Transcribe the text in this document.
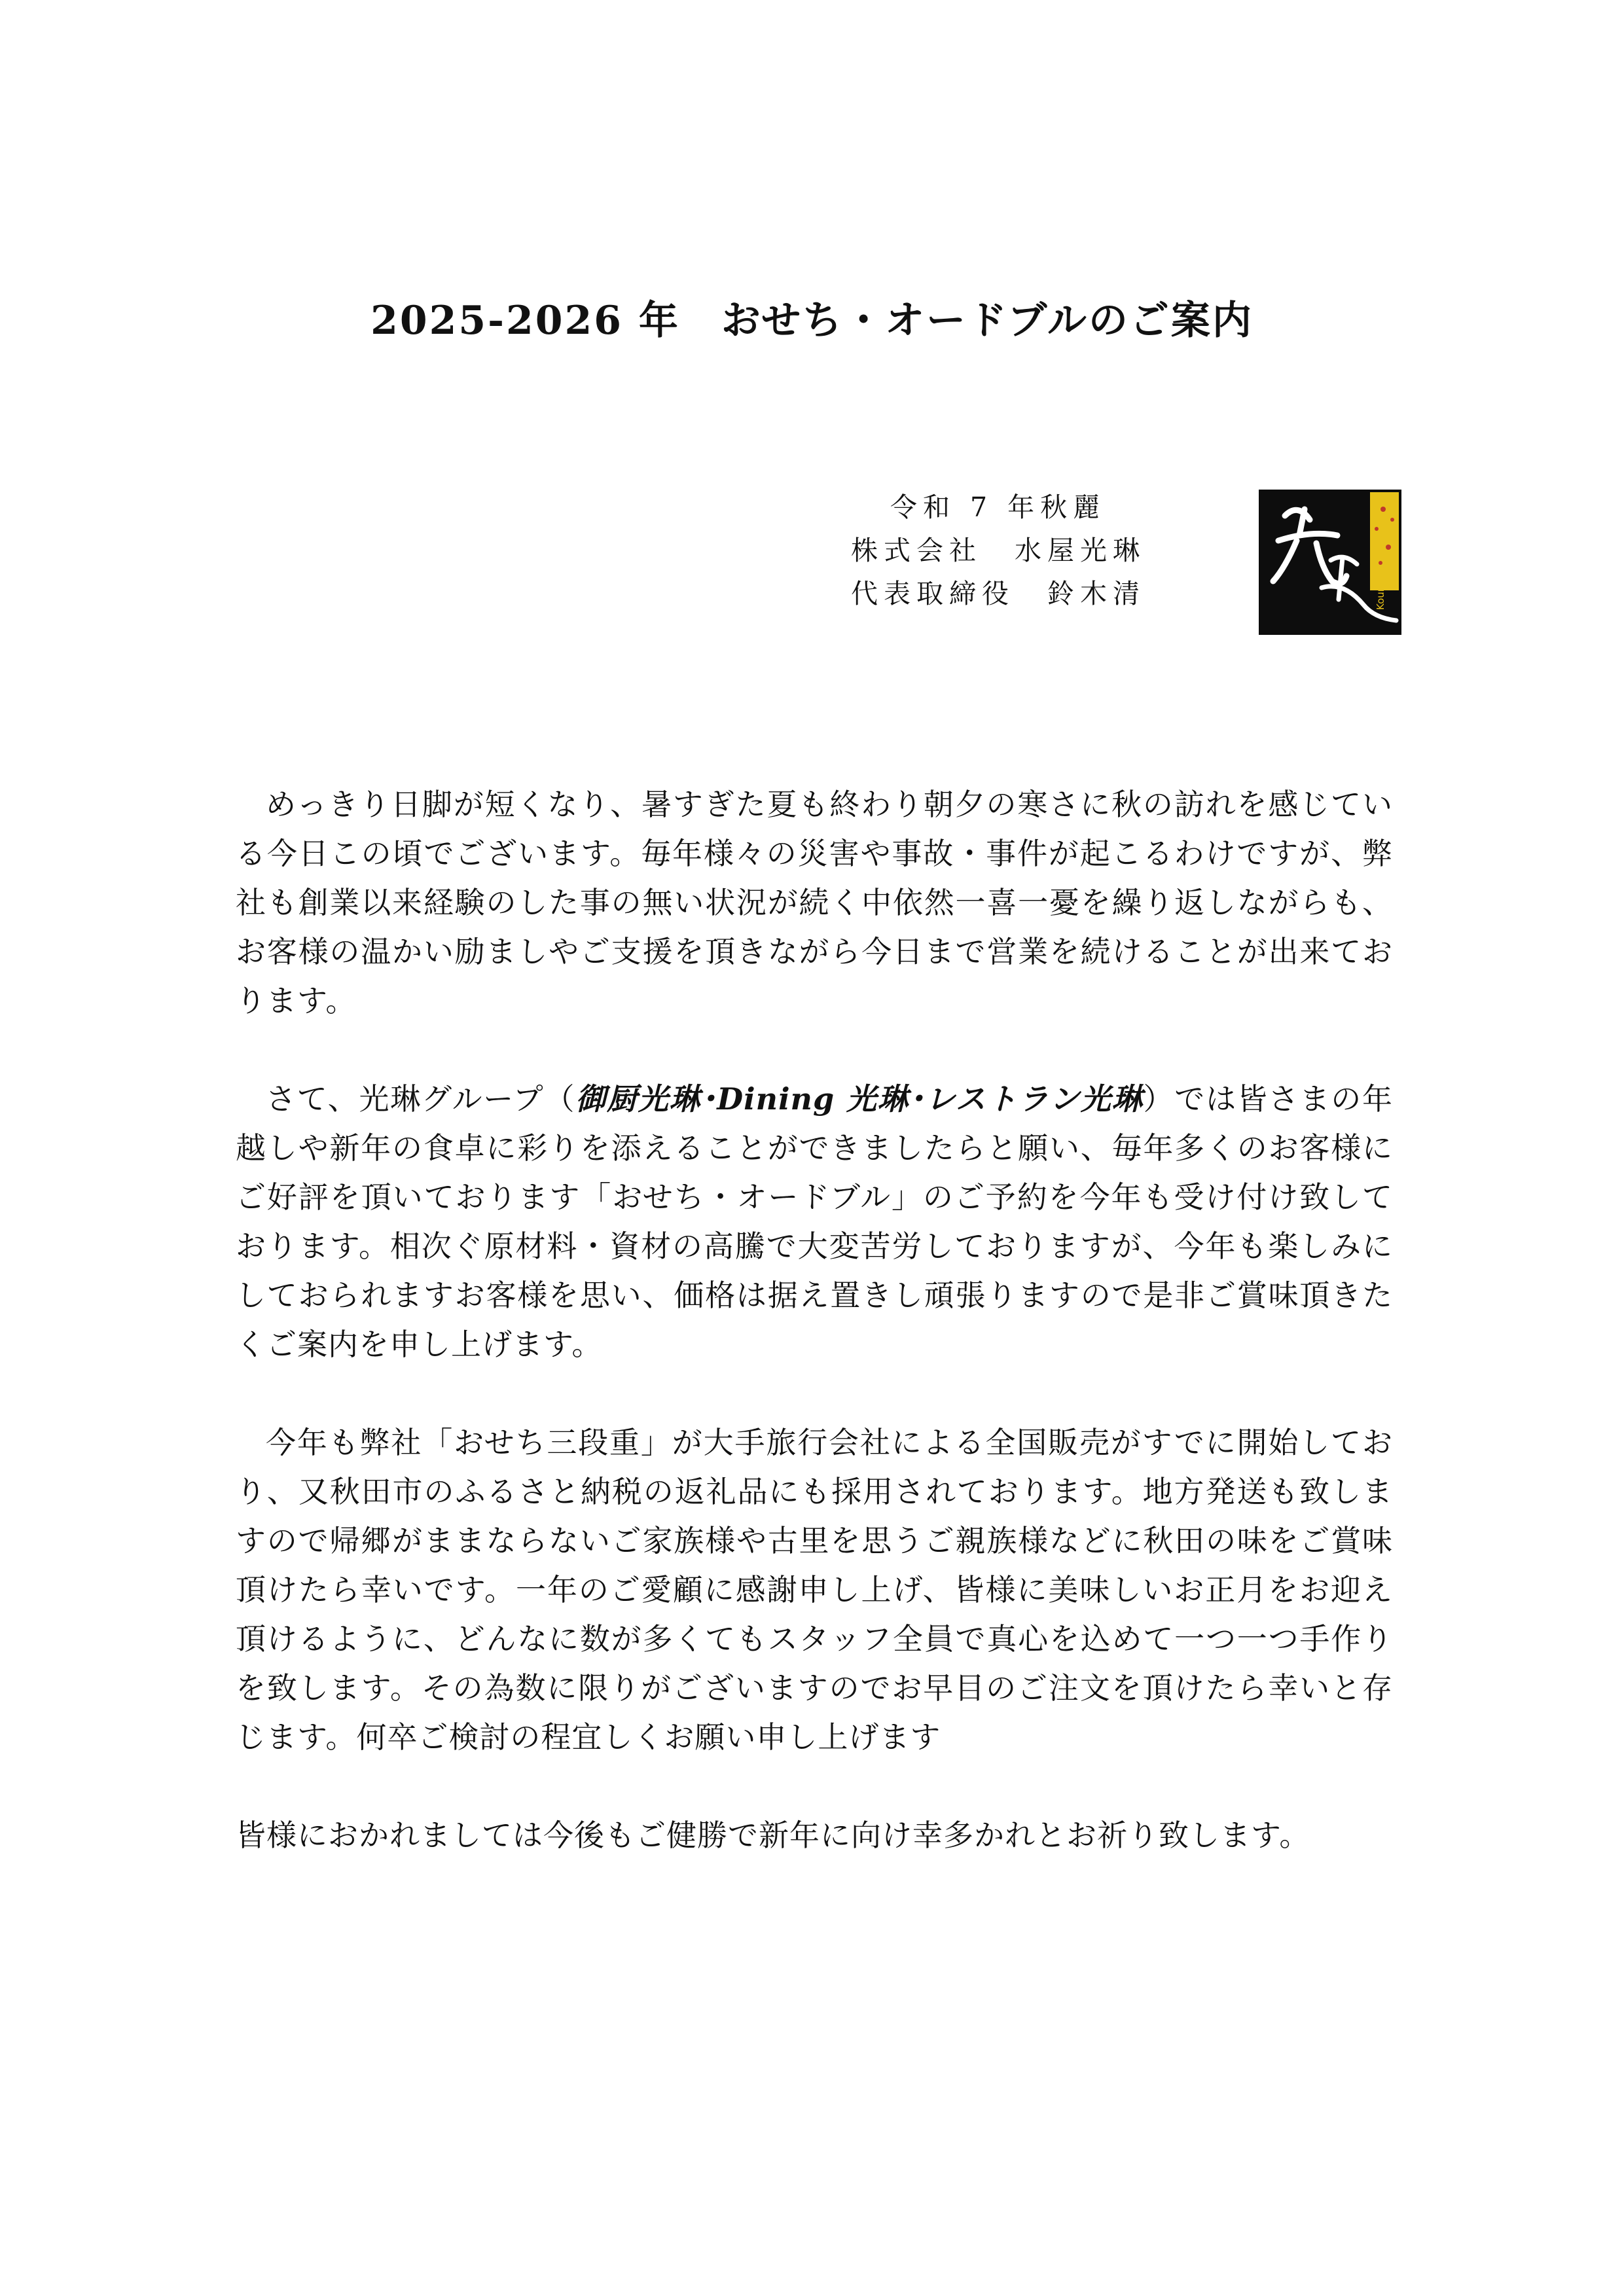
2025-2026 年　おせち・オードブルのご案内
令和 7 年秋麗
株式会社　水屋光琳
代表取締役　鈴木清	Kourin

めっきり日脚が短くなり、暑すぎた夏も終わり朝夕の寒さに秋の訪れを感じている今日この頃でございます。毎年様々の災害や事故・事件が起こるわけですが、弊社も創業以来経験のした事の無い状況が続く中依然一喜一憂を繰り返しながらも、お客様の温かい励ましやご支援を頂きながら今日まで営業を続けることが出来ております。

さて、光琳グループ（御厨光琳･Dining 光琳･レストラン光琳）では皆さまの年越しや新年の食卓に彩りを添えることができましたらと願い、毎年多くのお客様にご好評を頂いております「おせち・オードブル」のご予約を今年も受け付け致しております。相次ぐ原材料・資材の高騰で大変苦労しておりますが、今年も楽しみにしておられますお客様を思い、価格は据え置きし頑張りますので是非ご賞味頂きたくご案内を申し上げます。

今年も弊社「おせち三段重」が大手旅行会社による全国販売がすでに開始しており、又秋田市のふるさと納税の返礼品にも採用されております。地方発送も致しますので帰郷がままならないご家族様や古里を思うご親族様などに秋田の味をご賞味頂けたら幸いです。一年のご愛顧に感謝申し上げ、皆様に美味しいお正月をお迎え頂けるように、どんなに数が多くてもスタッフ全員で真心を込めて一つ一つ手作りを致します。その為数に限りがございますのでお早目のご注文を頂けたら幸いと存じます。何卒ご検討の程宜しくお願い申し上げます

皆様におかれましては今後もご健勝で新年に向け幸多かれとお祈り致します。
